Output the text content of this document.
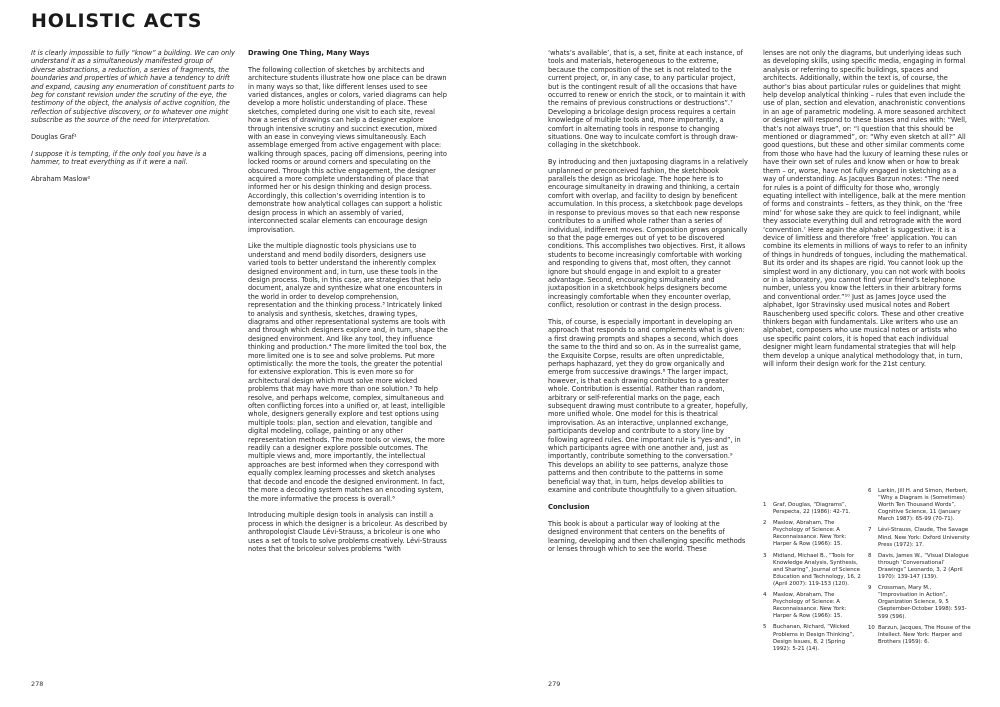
HOLISTIC ACTS

It is clearly impossible to fully “know” a building. We can only understand it as a simultaneously manifested group of diverse abstractions, a reduction, a series of fragments, the boundaries and properties of which have a tendency to drift and expand, causing any enumeration of constituent parts to beg for constant revision under the scrutiny of the eye, the testimony of the object, the analysis of active cognition, the reflection of subjective discovery, or to whatever one might subscribe as the source of the need for interpretation.

Douglas Graf¹

I suppose it is tempting, if the only tool you have is a hammer, to treat everything as if it were a nail.

Abraham Maslow²

Drawing One Thing, Many Ways

The following collection of sketches by architects and architecture students illustrate how one place can be drawn in many ways so that, like different lenses used to see varied distances, angles or colors, varied diagrams can help develop a more holistic understanding of place. These sketches, completed during one visit to each site, reveal how a series of drawings can help a designer explore through intensive scrutiny and succinct execution, mixed with an ease in conveying views simultaneously. Each assemblage emerged from active engagement with place: walking through spaces, pacing off dimensions, peering into locked rooms or around corners and speculating on the obscured. Through this active engagement, the designer acquired a more complete understanding of place that informed her or his design thinking and design process. Accordingly, this collection’s overriding intention is to demonstrate how analytical collages can support a holistic design process in which an assembly of varied, interconnected scalar elements can encourage design improvisation.

Like the multiple diagnostic tools physicians use to understand and mend bodily disorders, designers use varied tools to better understand the inherently complex designed environment and, in turn, use these tools in the design process. Tools, in this case, are strategies that help document, analyze and synthesize what one encounters in the world in order to develop comprehension, representation and the thinking process.³ Intricately linked to analysis and synthesis, sketches, drawing types, diagrams and other representational systems are tools with and through which designers explore and, in turn, shape the designed environment. And like any tool, they influence thinking and production.⁴ The more limited the tool box, the more limited one is to see and solve problems. Put more optimistically: the more the tools, the greater the potential for extensive exploration. This is even more so for architectural design which must solve more wicked problems that may have more than one solution.⁵ To help resolve, and perhaps welcome, complex, simultaneous and often conflicting forces into a unified or, at least, intelligible whole, designers generally explore and test options using multiple tools: plan, section and elevation, tangible and digital modeling, collage, painting or any other representation methods. The more tools or views, the more readily can a designer explore possible outcomes. The multiple views and, more importantly, the intellectual approaches are best informed when they correspond with equally complex learning processes and sketch analyses that decode and encode the designed environment. In fact, the more a decoding system matches an encoding system, the more informative the process is overall.⁶

Introducing multiple design tools in analysis can instill a process in which the designer is a bricoleur. As described by anthropologist Claude Lévi-Strauss, a bricoleur is one who uses a set of tools to solve problems creatively. Lévi-Strauss notes that the bricoleur solves problems “with

278

‘whats’s available’, that is, a set, finite at each instance, of tools and materials, heterogeneous to the extreme, because the composition of the set is not related to the current project, or, in any case, to any particular project, but is the contingent result of all the occasions that have occurred to renew or enrich the stock, or to maintain it with the remains of previous constructions or destructions”.⁷ Developing a bricolage design process requires a certain knowledge of multiple tools and, more importantly, a comfort in alternating tools in response to changing situations. One way to inculcate comfort is through draw-collaging in the sketchbook.

By introducing and then juxtaposing diagrams in a relatively unplanned or preconceived fashion, the sketchbook parallels the design as bricolage. The hope here is to encourage simultaneity in drawing and thinking, a certain comfort with overlap, and facility to design by beneficent accumulation. In this process, a sketchbook page develops in response to previous moves so that each new response contributes to a unified whole rather than a series of individual, indifferent moves. Composition grows organically so that the page emerges out of yet to be discovered conditions. This accomplishes two objectives. First, it allows students to become increasingly comfortable with working and responding to givens that, most often, they cannot ignore but should engage in and exploit to a greater advantage. Second, encouraging simultaneity and juxtaposition in a sketchbook helps designers become increasingly comfortable when they encounter overlap, conflict, resolution or contrast in the design process.

This, of course, is especially important in developing an approach that responds to and complements what is given: a first drawing prompts and shapes a second, which does the same to the third and so on. As in the surrealist game, the Exquisite Corpse, results are often unpredictable, perhaps haphazard, yet they do grow organically and emerge from successive drawings.⁸ The larger impact, however, is that each drawing contributes to a greater whole. Contribution is essential. Rather than random, arbitrary or self-referential marks on the page, each subsequent drawing must contribute to a greater, hopefully, more unified whole. One model for this is theatrical improvisation. As an interactive, unplanned exchange, participants develop and contribute to a story line by following agreed rules. One important rule is “yes-and”, in which participants agree with one another and, just as importantly, contribute something to the conversation.⁹ This develops an ability to see patterns, analyze those patterns and then contribute to the patterns in some beneficial way that, in turn, helps develop abilities to examine and contribute thoughtfully to a given situation.

Conclusion

This book is about a particular way of looking at the designed environment that centers on the benefits of learning, developing and then challenging specific methods or lenses through which to see the world. These

lenses are not only the diagrams, but underlying ideas such as developing skills, using specific media, engaging in formal analysis or referring to specific buildings, spaces and architects. Additionally, within the text is, of course, the author’s bias about particular rules or guidelines that might help develop analytical thinking – rules that even include the use of plan, section and elevation, anachronistic conventions in an age of parametric modeling. A more seasoned architect or designer will respond to these biases and rules with: “Well, that’s not always true”, or: “I question that this should be mentioned or diagrammed”, or: “Why even sketch at all?” All good questions, but these and other similar comments come from those who have had the luxury of learning these rules or have their own set of rules and know when or how to break them – or, worse, have not fully engaged in sketching as a way of understanding. As Jacques Barzun notes: “The need for rules is a point of difficulty for those who, wrongly equating intellect with intelligence, balk at the mere mention of forms and constraints – fetters, as they think, on the ‘free mind’ for whose sake they are quick to feel indignant, while they associate everything dull and retrograde with the word ‘convention.’ Here again the alphabet is suggestive: it is a device of limitless and therefore ‘free’ application. You can combine its elements in millions of ways to refer to an infinity of things in hundreds of tongues, including the mathematical. But its order and its shapes are rigid. You cannot look up the simplest word in any dictionary, you can not work with books or in a laboratory, you cannot find your friend’s telephone number, unless you know the letters in their arbitrary forms and conventional order.”¹⁰ Just as James Joyce used the alphabet, Igor Stravinsky used musical notes and Robert Rauschenberg used specific colors. These and other creative thinkers began with fundamentals. Like writers who use an alphabet, composers who use musical notes or artists who use specific paint colors, it is hoped that each individual designer might learn fundamental strategies that will help them develop a unique analytical methodology that, in turn, will inform their design work for the 21st century.

1	Graf, Douglas, “Diagrams”, Perspecta, 22 (1986): 42-71.
2	Maslow, Abraham, The Psychology of Science: A Reconnaissance. New York: Harper & Row (1966): 15.
3	Midland, Michael B., “Tools for Knowledge Analysis, Synthesis, and Sharing”, Journal of Science Education and Technology, 16, 2 (April 2007): 119-153 (120).
4	Maslow, Abraham, The Psychology of Science: A Reconnaissance. New York: Harper & Row (1966): 15.
5	Buchanan, Richard, “Wicked Problems in Design Thinking”, Design Issues, 8, 2 (Spring 1992): 5-21 (14).
6	Larkin, Jill H. and Simon, Herbert, “Why a Diagram is (Sometimes) Worth Ten Thousand Words”, Cognitive Science, 11 (January March 1987): 65-99 (70-71).
7	Lévi-Strauss, Claude, The Savage Mind. New York: Oxford University Press (1972): 17.
8	Davis, James W., “Visual Dialogue through ‘Conversational’ Drawings” Leonardo, 3, 2 (April 1970): 139-147 (139).
9	Crossman, Mary M., “Improvisation in Action”, Organization Science, 9, 5 (September-October 1998): 593-599 (596).
10 Barzun, Jacques, The House of the Intellect. New York: Harper and Brothers (1959): 6.
279
